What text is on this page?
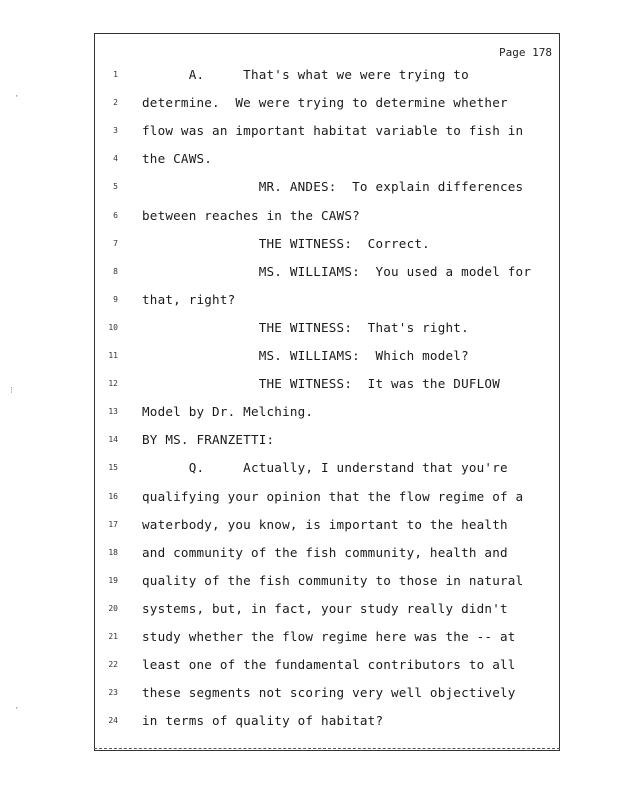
Page 178
1 A.     That's what we were trying to
2 determine.  We were trying to determine whether
3 flow was an important habitat variable to fish in
4 the CAWS.
5 MR. ANDES:  To explain differences
6 between reaches in the CAWS?
7 THE WITNESS:  Correct.
8 MS. WILLIAMS:  You used a model for
9 that, right?
10 THE WITNESS:  That's right.
11 MS. WILLIAMS:  Which model?
12 THE WITNESS:  It was the DUFLOW
13 Model by Dr. Melching.
14 BY MS. FRANZETTI:
15 Q.     Actually, I understand that you're
16 qualifying your opinion that the flow regime of a
17 waterbody, you know, is important to the health
18 and community of the fish community, health and
19 quality of the fish community to those in natural
20 systems, but, in fact, your study really didn't
21 study whether the flow regime here was the -- at
22 least one of the fundamental contributors to all
23 these segments not scoring very well objectively
24 in terms of quality of habitat?
·
⁝
·
